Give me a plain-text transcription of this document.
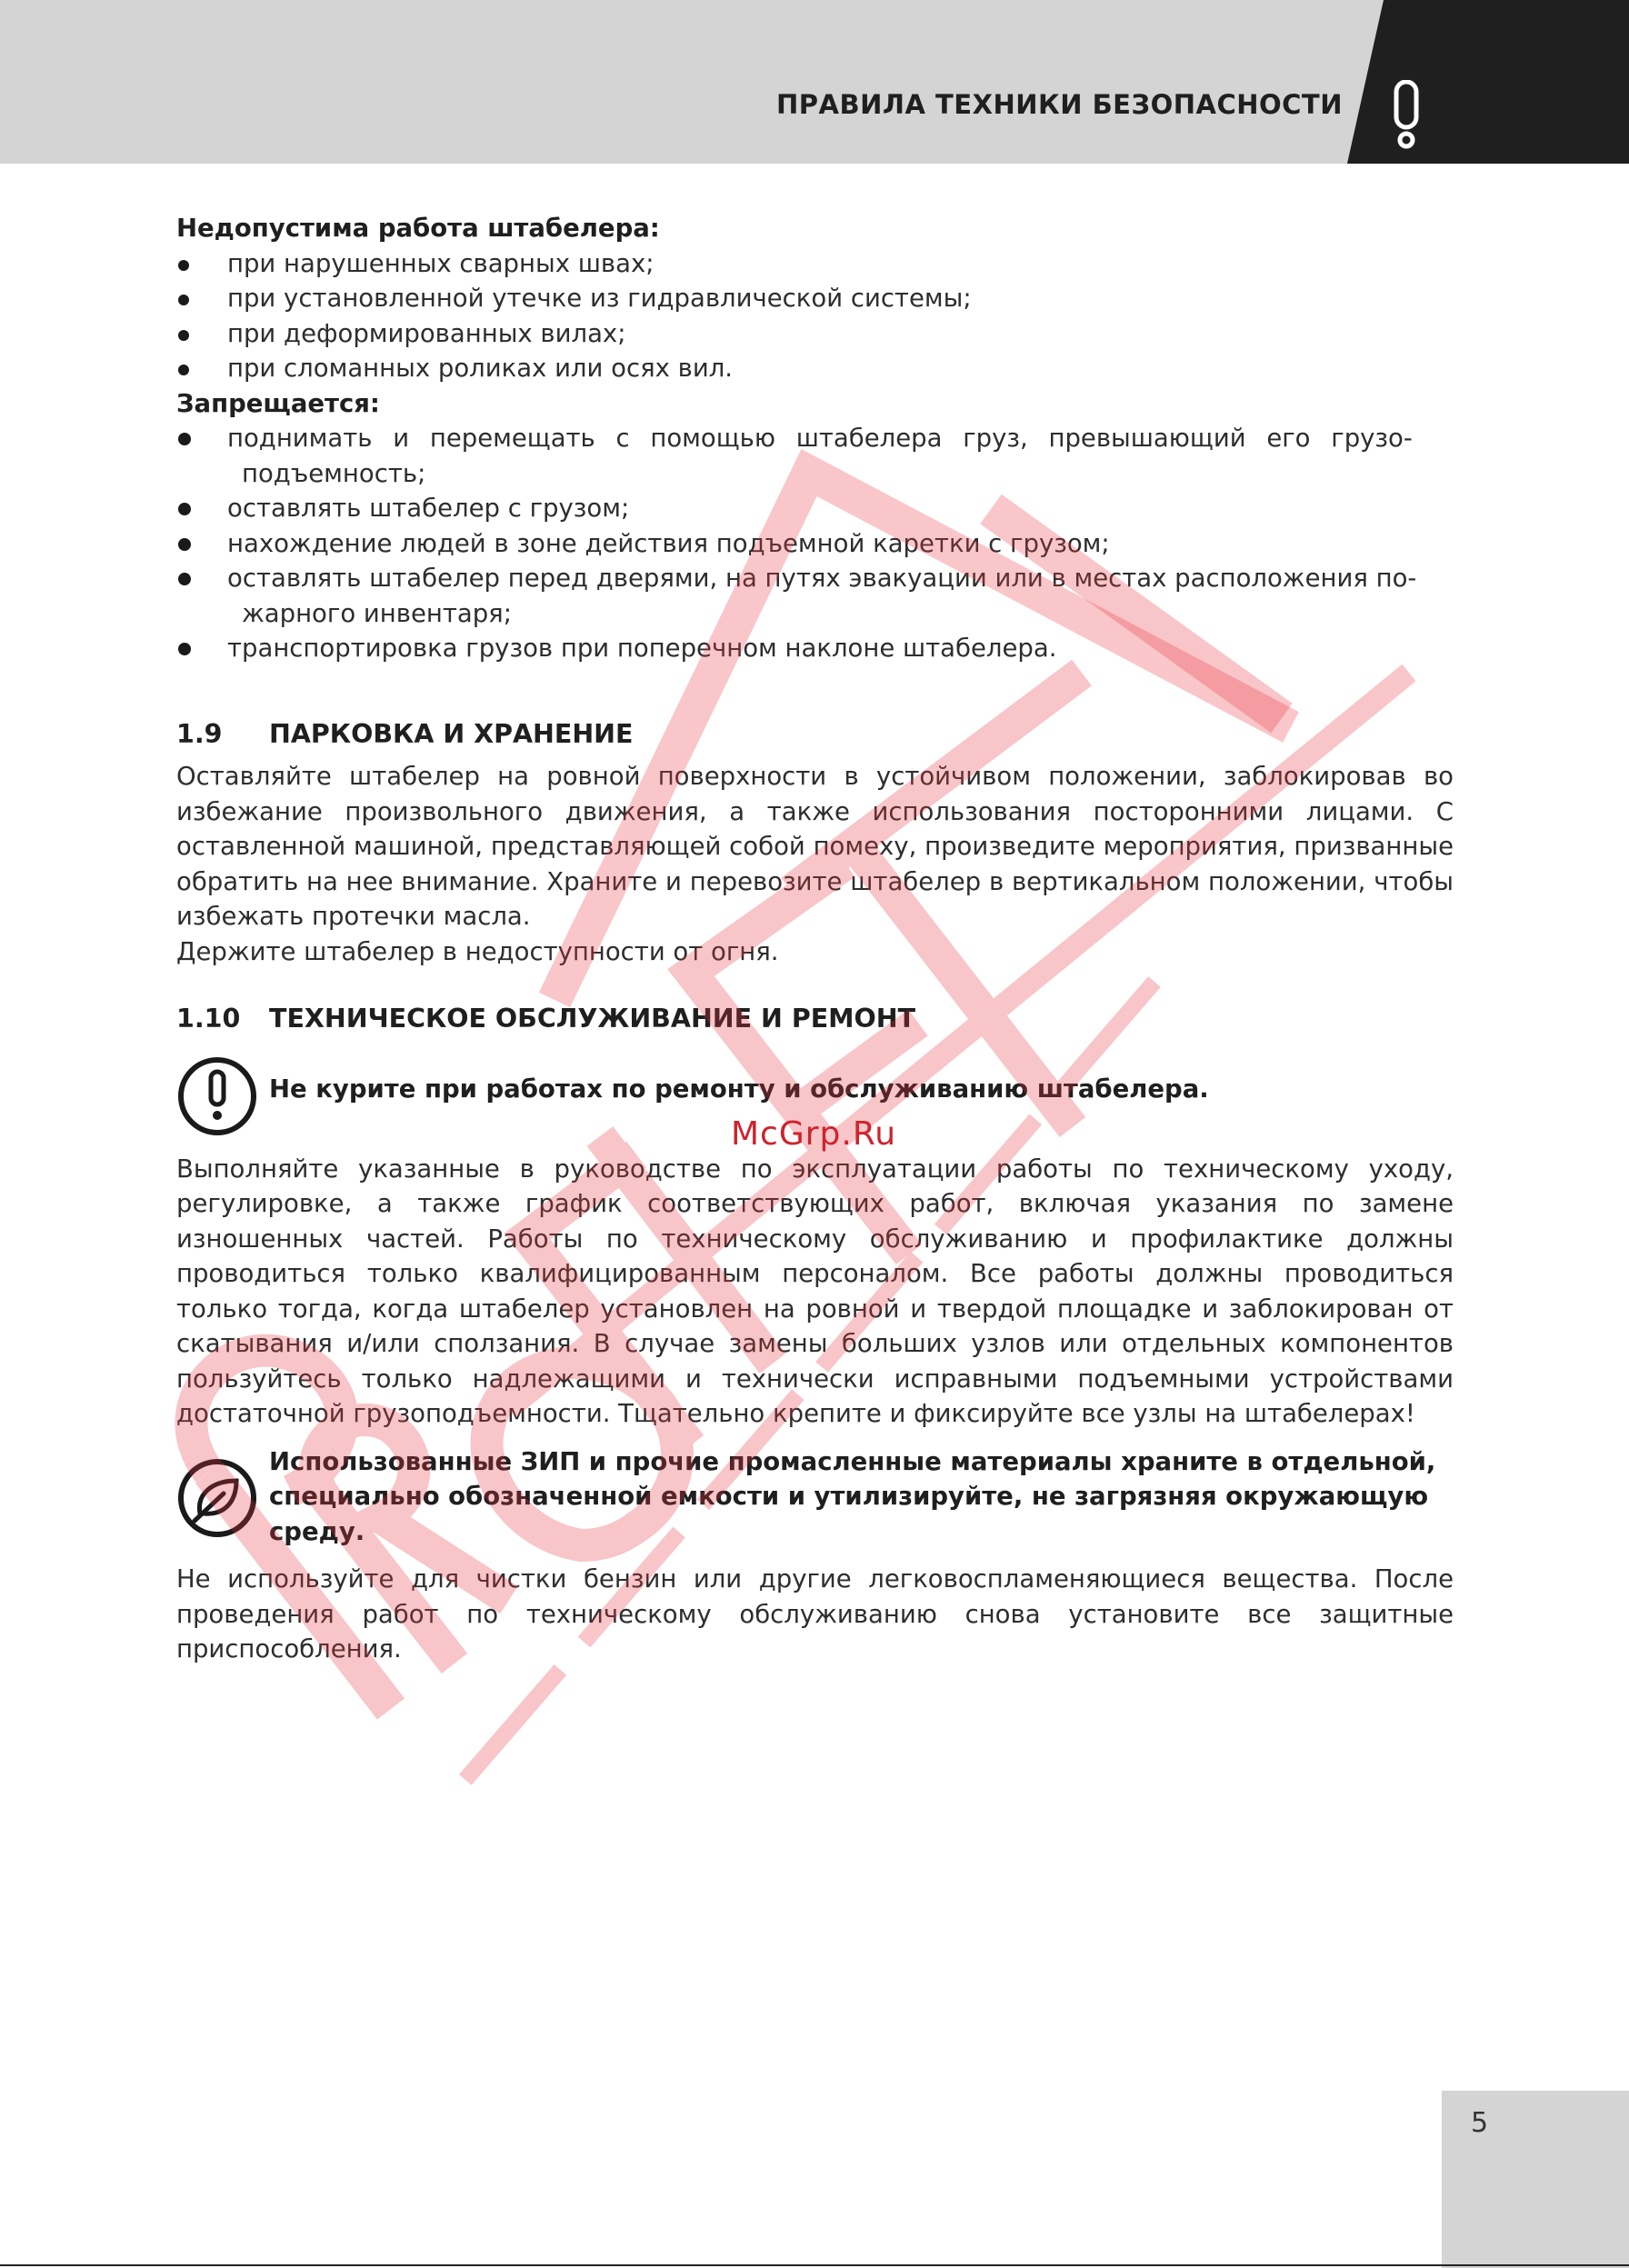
ПРАВИЛА ТЕХНИКИ БЕЗОПАСНОСТИ

Недопустима работа штабелера:

при нарушенных сварных швах;
при установленной утечке из гидравлической системы;
при деформированных вилах;
при сломанных роликах или осях вил.

Запрещается:

поднимать и перемещать с помощью штабелера груз, превышающий его грузо-
подъемность;
оставлять штабелер с грузом;
нахождение людей в зоне действия подъемной каретки с грузом;
оставлять штабелер перед дверями, на путях эвакуации или в местах расположения по-
жарного инвентаря;
транспортировка грузов при поперечном наклоне штабелера.
1.9	ПАРКОВКА И ХРАНЕНИЕ

Оставляйте штабелер на ровной поверхности в устойчивом положении, заблокировав во избежание произвольного движения, а также использования посторонними лицами. С оставленной машиной, представляющей собой помеху, произведите мероприятия, призванные обратить на нее внимание. Храните и перевозите штабелер в вертикальном положении, чтобы избежать протечки масла.

Держите штабелер в недоступности от огня.

1.10	ТЕХНИЧЕСКОЕ ОБСЛУЖИВАНИЕ И РЕМОНТ
Не курите при работах по ремонту и обслуживанию штабелера.

Выполняйте указанные в руководстве по эксплуатации работы по техническому уходу, регулировке, а также график соответствующих работ, включая указания по замене изношенных частей. Работы по техническому обслуживанию и профилактике должны проводиться только квалифицированным персоналом. Все работы должны проводиться только тогда, когда штабелер установлен на ровной и твердой площадке и заблокирован от скатывания и/или сползания. В случае замены больших узлов или отдельных компонентов пользуйтесь только надлежащими и технически исправными подъемными устройствами достаточной грузоподъемности. Тщательно крепите и фиксируйте все узлы на штабелерах!

Использованные ЗИП и прочие промасленные материалы храните в отдельной, специально обозначенной емкости и утилизируйте, не загрязняя окружающую среду.

Не используйте для чистки бензин или другие легковоспламеняющиеся вещества. После проведения работ по техническому обслуживанию снова установите все защитные приспособления.

McGrp.Ru
5
